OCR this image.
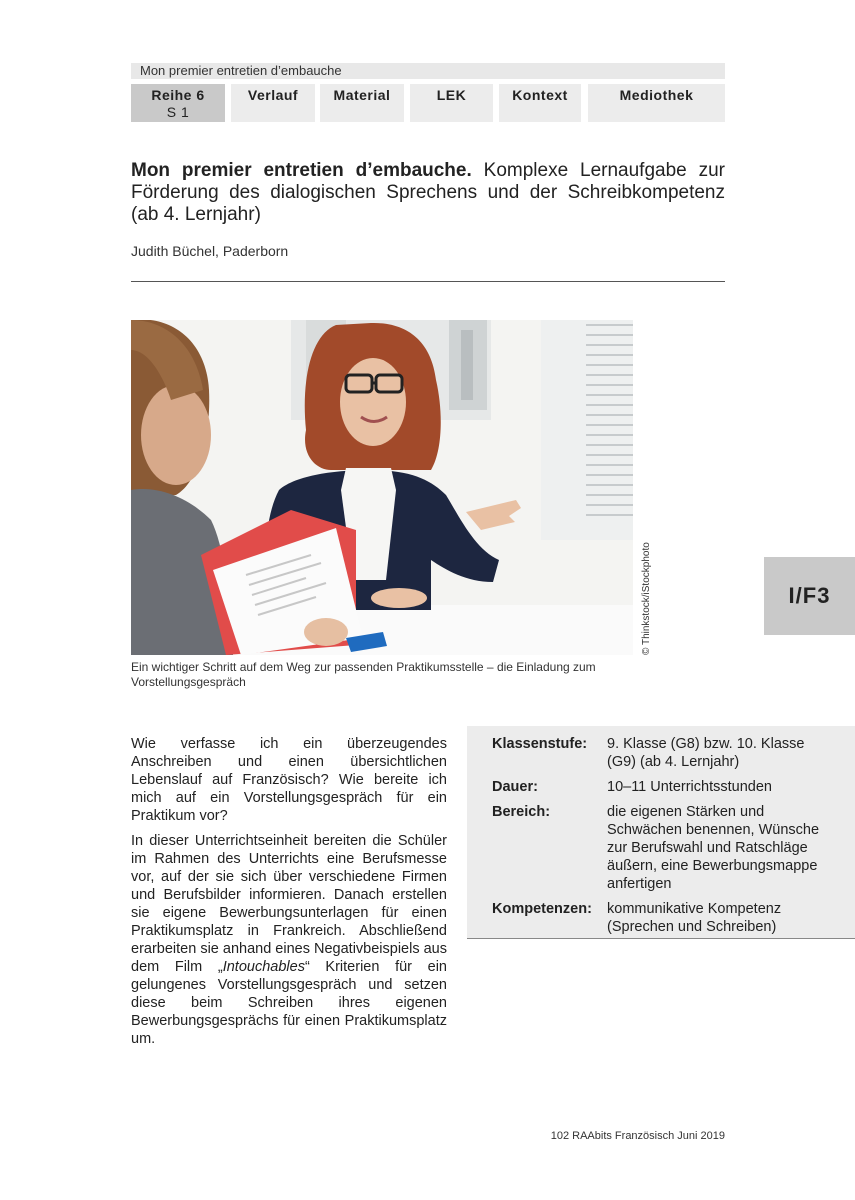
Mon premier entretien d’embauche
Reihe 6
S 1
Verlauf	Material	LEK	Kontext	Mediothek
Mon premier entretien d’embauche. Komplexe Lernaufgabe zur Förderung des dialogischen Sprechens und der Schreibkompetenz (ab 4. Lernjahr)
Judith Büchel, Paderborn
© Thinkstock/iStockphoto
Ein wichtiger Schritt auf dem Weg zur passenden Praktikumsstelle – die Einladung zum Vorstellungsgespräch
I/F3

Wie verfasse ich ein überzeugendes Anschreiben und einen übersichtlichen Lebenslauf auf Französisch? Wie bereite ich mich auf ein Vorstellungsgespräch für ein Praktikum vor?

In dieser Unterrichtseinheit bereiten die Schüler im Rahmen des Unterrichts eine Berufsmesse vor, auf der sie sich über verschiedene Firmen und Berufsbilder informieren. Danach erstellen sie eigene Bewerbungsunterlagen für einen Praktikumsplatz in Frankreich. Abschließend erarbeiten sie anhand eines Negativbeispiels aus dem Film „Intouchables“ Kriterien für ein gelungenes Vorstellungsgespräch und setzen diese beim Schreiben ihres eigenen Bewerbungsgesprächs für einen Praktikumsplatz um.

Klassenstufe:	9. Klasse (G8) bzw. 10. Klasse (G9) (ab 4. Lernjahr)
Dauer:	10–11 Unterrichtsstunden
Bereich:	die eigenen Stärken und Schwächen benennen, Wünsche zur Berufswahl und Ratschläge äußern, eine Bewerbungsmappe anfertigen
Kompetenzen:	kommunikative Kompetenz (Sprechen und Schreiben)
102 RAAbits Französisch Juni 2019
